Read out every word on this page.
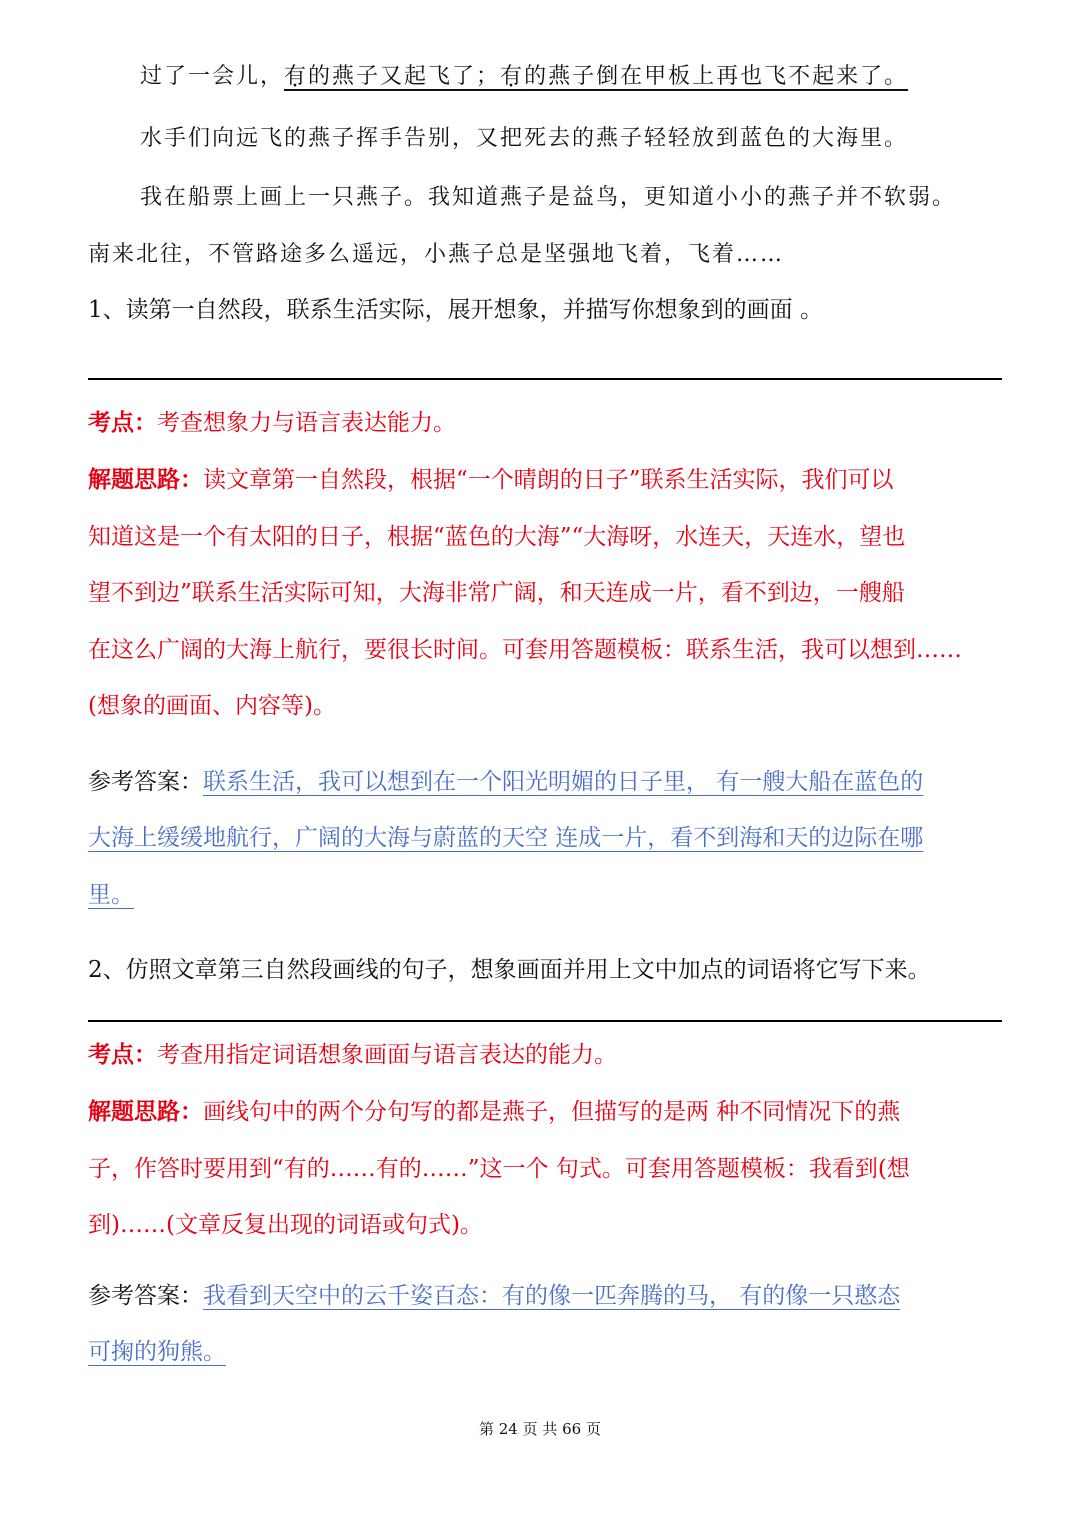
过了一会儿，有的燕子又起飞了；有的燕子倒在甲板上再也飞不起来了。
水手们向远飞的燕子挥手告别，又把死去的燕子轻轻放到蓝色的大海里。
我在船票上画上一只燕子。我知道燕子是益鸟，更知道小小的燕子并不软弱。
南来北往，不管路途多么遥远，小燕子总是坚强地飞着，飞着……
1、读第一自然段，联系生活实际，展开想象，并描写你想象到的画面 。
考点：考查想象力与语言表达能力。
解题思路：读文章第一自然段，根据“一个晴朗的日子”联系生活实际，我们可以
知道这是一个有太阳的日子，根据“蓝色的大海”“大海呀，水连天，天连水，望也
望不到边”联系生活实际可知，大海非常广阔，和天连成一片，看不到边，一艘船
在这么广阔的大海上航行，要很长时间。可套用答题模板：联系生活，我可以想到……
(想象的画面、内容等)。
参考答案：联系生活，我可以想到在一个阳光明媚的日子里， 有一艘大船在蓝色的
大海上缓缓地航行，广阔的大海与蔚蓝的天空 连成一片，看不到海和天的边际在哪
里。
2、仿照文章第三自然段画线的句子，想象画面并用上文中加点的词语将它写下来。
考点：考查用指定词语想象画面与语言表达的能力。
解题思路：画线句中的两个分句写的都是燕子，但描写的是两 种不同情况下的燕
子，作答时要用到“有的……有的……”这一个 句式。可套用答题模板：我看到(想
到)……(文章反复出现的词语或句式)。
参考答案：我看到天空中的云千姿百态：有的像一匹奔腾的马， 有的像一只憨态
可掬的狗熊。
第 24 页 共 66 页
